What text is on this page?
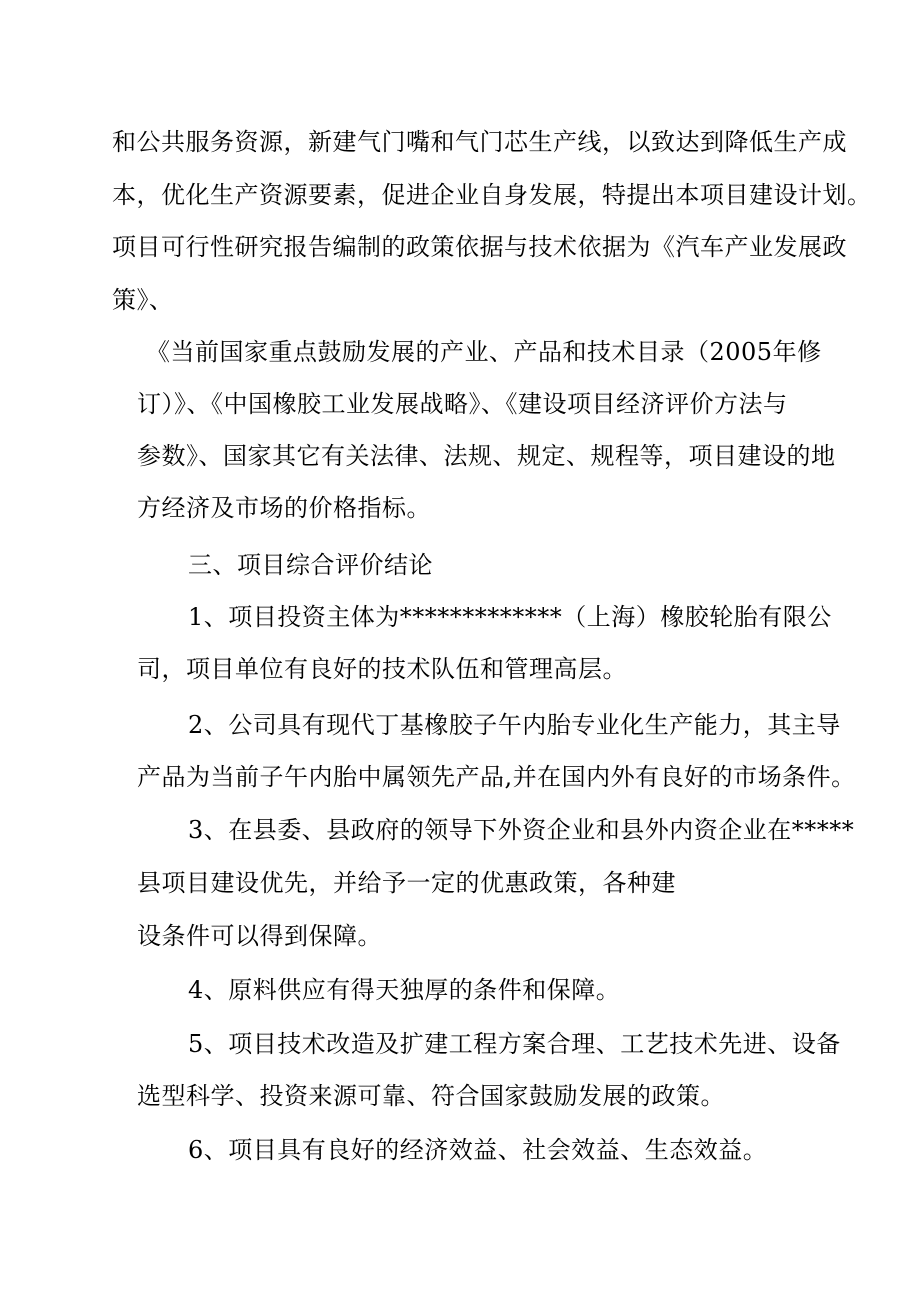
和公共服务资源，新建气门嘴和气门芯生产线，以致达到降低生产成
本，优化生产资源要素，促进企业自身发展，特提出本项目建设计划。
项目可行性研究报告编制的政策依据与技术依据为《汽车产业发展政
策》、
《当前国家重点鼓励发展的产业、产品和技术目录（2005年修
订）》、《中国橡胶工业发展战略》、《建设项目经济评价方法与
参数》、国家其它有关法律、法规、规定、规程等，项目建设的地
方经济及市场的价格指标。
三、项目综合评价结论
1、项目投资主体为*************（上海）橡胶轮胎有限公
司，项目单位有良好的技术队伍和管理高层。
2、公司具有现代丁基橡胶子午内胎专业化生产能力，其主导
产品为当前子午内胎中属领先产品,并在国内外有良好的市场条件。
3、在县委、县政府的领导下外资企业和县外内资企业在*****
县项目建设优先，并给予一定的优惠政策，各种建
设条件可以得到保障。
4、原料供应有得天独厚的条件和保障。
5、项目技术改造及扩建工程方案合理、工艺技术先进、设备
选型科学、投资来源可靠、符合国家鼓励发展的政策。
6、项目具有良好的经济效益、社会效益、生态效益。
